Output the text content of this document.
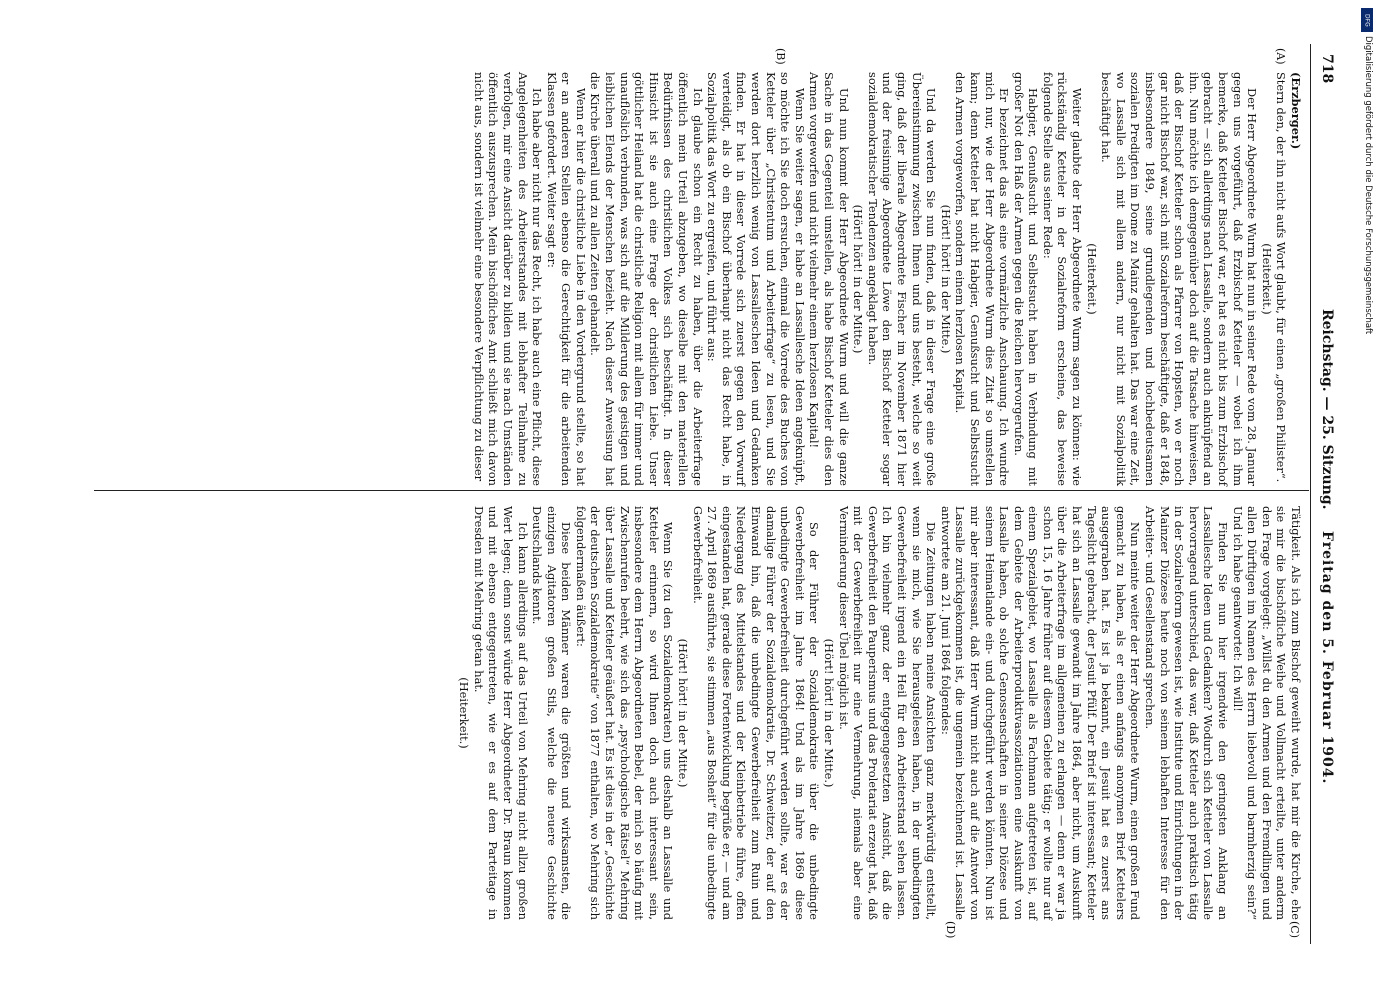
718
Reichstag. — 25. Sitzung.
Freitag den 5. Februar 1904.
(A)
(B)
(C)
(D)

(Erzberger.)

Stern den, der ihn nicht aufs Wort glaubt, für einen „großen Philister“.

(Heiterkeit.)

Der Herr Abgeordnete Wurm hat nun in seiner Rede vom 28. Januar gegen uns vorgeführt, daß Erzbischof Ketteler — wobei ich ihm bemerke, daß Ketteler Bischof war, er hat es nicht bis zum Erzbischof gebracht — sich allerdings nach Lassalle, sondern auch anknüpfend an ihn. Nun möchte ich demgegenüber doch auf die Tatsache hinweisen, daß der Bischof Ketteler schon als Pfarrer von Hopsten, wo er noch gar nicht Bischof war, sich mit Sozialreform beschäftigte, daß er 1848, insbesondere 1849, seine grundlegenden und hochbedeutsamen sozialen Predigten im Dome zu Mainz gehalten hat. Das war eine Zeit, wo Lassalle sich mit allem andern, nur nicht mit Sozialpolitik beschäftigt hat.

(Heiterkeit.)

Weiter glaubte der Herr Abgeordnete Wurm sagen zu können: wie rückständig Ketteler in der Sozialreform erscheine, das beweise folgende Stelle aus seiner Rede:

Habgier, Genußsucht und Selbstsucht haben in Verbindung mit großer Not den Haß der Armen gegen die Reichen hervorgerufen.

Er bezeichnet das als eine vormärzliche Anschauung. Ich wundre mich nur, wie der Herr Abgeordnete Wurm dies Zitat so umstellen kann; denn Ketteler hat nicht Habgier, Genußsucht und Selbstsucht den Armen vorgeworfen, sondern einem herzlosen Kapital.

(Hört! hört! in der Mitte.)

Und da werden Sie nun finden, daß in dieser Frage eine große Übereinstimmung zwischen Ihnen und uns besteht, welche so weit ging, daß der liberale Abgeordnete Fischer im November 1871 hier und der freisinnige Abgeordnete Löwe den Bischof Ketteler sogar sozialdemokratischer Tendenzen angeklagt haben.

(Hört! hört! in der Mitte.)

Und nun kommt der Herr Abgeordnete Wurm und will die ganze Sache in das Gegenteil umstellen, als habe Bischof Ketteler dies den Armen vorgeworfen und nicht vielmehr einem herzlosen Kapital!

Wenn Sie weiter sagen, er habe an Lassallesche Ideen angeknüpft, so möchte ich Sie doch ersuchen, einmal die Vorrede des Buches von Ketteler über „Christentum und Arbeiterfrage“ zu lesen, und Sie werden dort herzlich wenig von Lassalleschen Ideen und Gedanken finden. Er hat in dieser Vorrede sich zuerst gegen den Vorwurf verteidigt, als ob ein Bischof überhaupt nicht das Recht habe, in Sozialpolitik das Wort zu ergreifen, und führt aus:

Ich glaube schon ein Recht zu haben, über die Arbeiterfrage öffentlich mein Urteil abzugeben, wo dieselbe mit den materiellen Bedürfnissen des christlichen Volkes sich beschäftigt. In dieser Hinsicht ist sie auch eine Frage der christlichen Liebe. Unser göttlicher Heiland hat die christliche Religion mit allem für immer und unauflöslich verbunden, was sich auf die Milderung des geistigen und leiblichen Elends der Menschen bezieht. Nach dieser Anweisung hat die Kirche überall und zu allen Zeiten gehandelt.

Wenn er hier die christliche Liebe in den Vordergrund stellte, so hat er an anderen Stellen ebenso die Gerechtigkeit für die arbeitenden Klassen gefordert. Weiter sagt er:

Ich habe aber nicht nur das Recht, ich habe auch eine Pflicht, diese Angelegenheiten des Arbeiterstandes mit lebhafter Teilnahme zu verfolgen, mir eine Ansicht darüber zu bilden und sie nach Umständen öffentlich auszusprechen. Mein bischöfliches Amt schließt mich davon nicht aus, sondern ist vielmehr eine besondere Verpflichtung zu dieser

Tätigkeit. Als ich zum Bischof geweiht wurde, hat mir die Kirche, ehe sie mir die bischöfliche Weihe und Vollmacht erteilte, unter anderm den Frage vorgelegt: „Willst du den Armen und den Fremdlingen und allen Dürftigen im Namen des Herrn liebevoll und barmherzig sein?“ Und ich habe geantwortet: Ich will!

Finden Sie nun hier irgendwie den geringsten Anklang an Lassallesche Ideen und Gedanken? Wodurch sich Ketteler von Lassalle hervorragend unterschied, das war, daß Ketteler auch praktisch tätig in der Sozialreform gewesen ist, wie Institute und Einrichtungen in der Mainzer Diözese heute noch von seinem lebhaften Interesse für den Arbeiter- und Gesellenstand sprechen.

Nun meinte weiter der Herr Abgeordnete Wurm, einen großen Fund gemacht zu haben, als er einen anfangs anonymen Brief Kettelers ausgegraben hat. Es ist ja bekannt, ein Jesuit hat es zuerst ans Tageslicht gebracht, der Jesuit Pfülf. Der Brief ist interessant; Ketteler hat sich an Lassalle gewandt im Jahre 1864, aber nicht, um Auskunft über die Arbeiterfrage im allgemeinen zu erlangen — denn er war ja schon 15, 16 Jahre früher auf diesem Gebiete tätig; er wollte nur auf einem Spezialgebiet, wo Lassalle als Fachmann aufgetreten ist, auf dem Gebiete der Arbeiterproduktivassoziationen eine Auskunft von Lassalle haben, ob solche Genossenschaften in seiner Diözese und seinem Heimatlande ein- und durchgeführt werden könnten. Nun ist mir aber interessant, daß Herr Wurm nicht auch auf die Antwort von Lassalle zurückgekommen ist, die ungemein bezeichnend ist. Lassalle antwortete am 21. Juni 1864 folgendes:

Die Zeitungen haben meine Ansichten ganz merkwürdig entstellt, wenn sie mich, wie Sie herausgelesen haben, in der unbedingten Gewerbefreiheit irgend ein Heil für den Arbeiterstand sehen lassen. Ich bin vielmehr ganz der entgegengesetzten Ansicht, daß die Gewerbefreiheit den Pauperismus und das Proletariat erzeugt hat, daß mit der Gewerbefreiheit nur eine Vermehrung, niemals aber eine Verminderung dieser Übel möglich ist.

(Hört! hört! in der Mitte.)

So der Führer der Sozialdemokratie über die unbedingte Gewerbefreiheit im Jahre 1864! Und als im Jahre 1869 diese unbedingte Gewerbefreiheit durchgeführt werden sollte, war es der damalige Führer der Sozialdemokratie, Dr. Schweitzer, der auf den Einwand hin, daß die unbedingte Gewerbefreiheit zum Ruin und Niedergang des Mittelstandes und der Kleinbetriebe führe, offen eingestanden hat, gerade diese Fortentwicklung begrüße er, — und am 27. April 1869 ausführte, sie stimmen „aus Bosheit“ für die unbedingte Gewerbefreiheit.

(Hört! hört! in der Mitte.)

Wenn Sie (zu den Sozialdemokraten) uns deshalb an Lassalle und Ketteler erinnern, so wird Ihnen doch auch interessant sein, insbesondere dem Herrn Abgeordneten Bebel, der mich so häufig mit Zwischenrufen beehrt, wie sich das „psychologische Rätsel“ Mehring über Lassalle und Ketteler geäußert hat. Es ist dies in der „Geschichte der deutschen Sozialdemokratie“ von 1877 enthalten, wo Mehring sich folgendermaßen äußert:

Diese beiden Männer waren die größten und wirksamsten, die einzigen Agitatoren großen Stils, welche die neuere Geschichte Deutschlands kennt.

Ich kann allerdings auf das Urteil von Mehring nicht allzu großen Wert legen; denn sonst würde Herr Abgeordneter Dr. Braun kommen und mit ebenso entgegentreten, wie er es auf dem Parteitage in Dresden mit Mehring getan hat.

(Heiterkeit.)

Digitalisierung gefördert durch die Deutsche Forschungsgemeinschaft
DFG
